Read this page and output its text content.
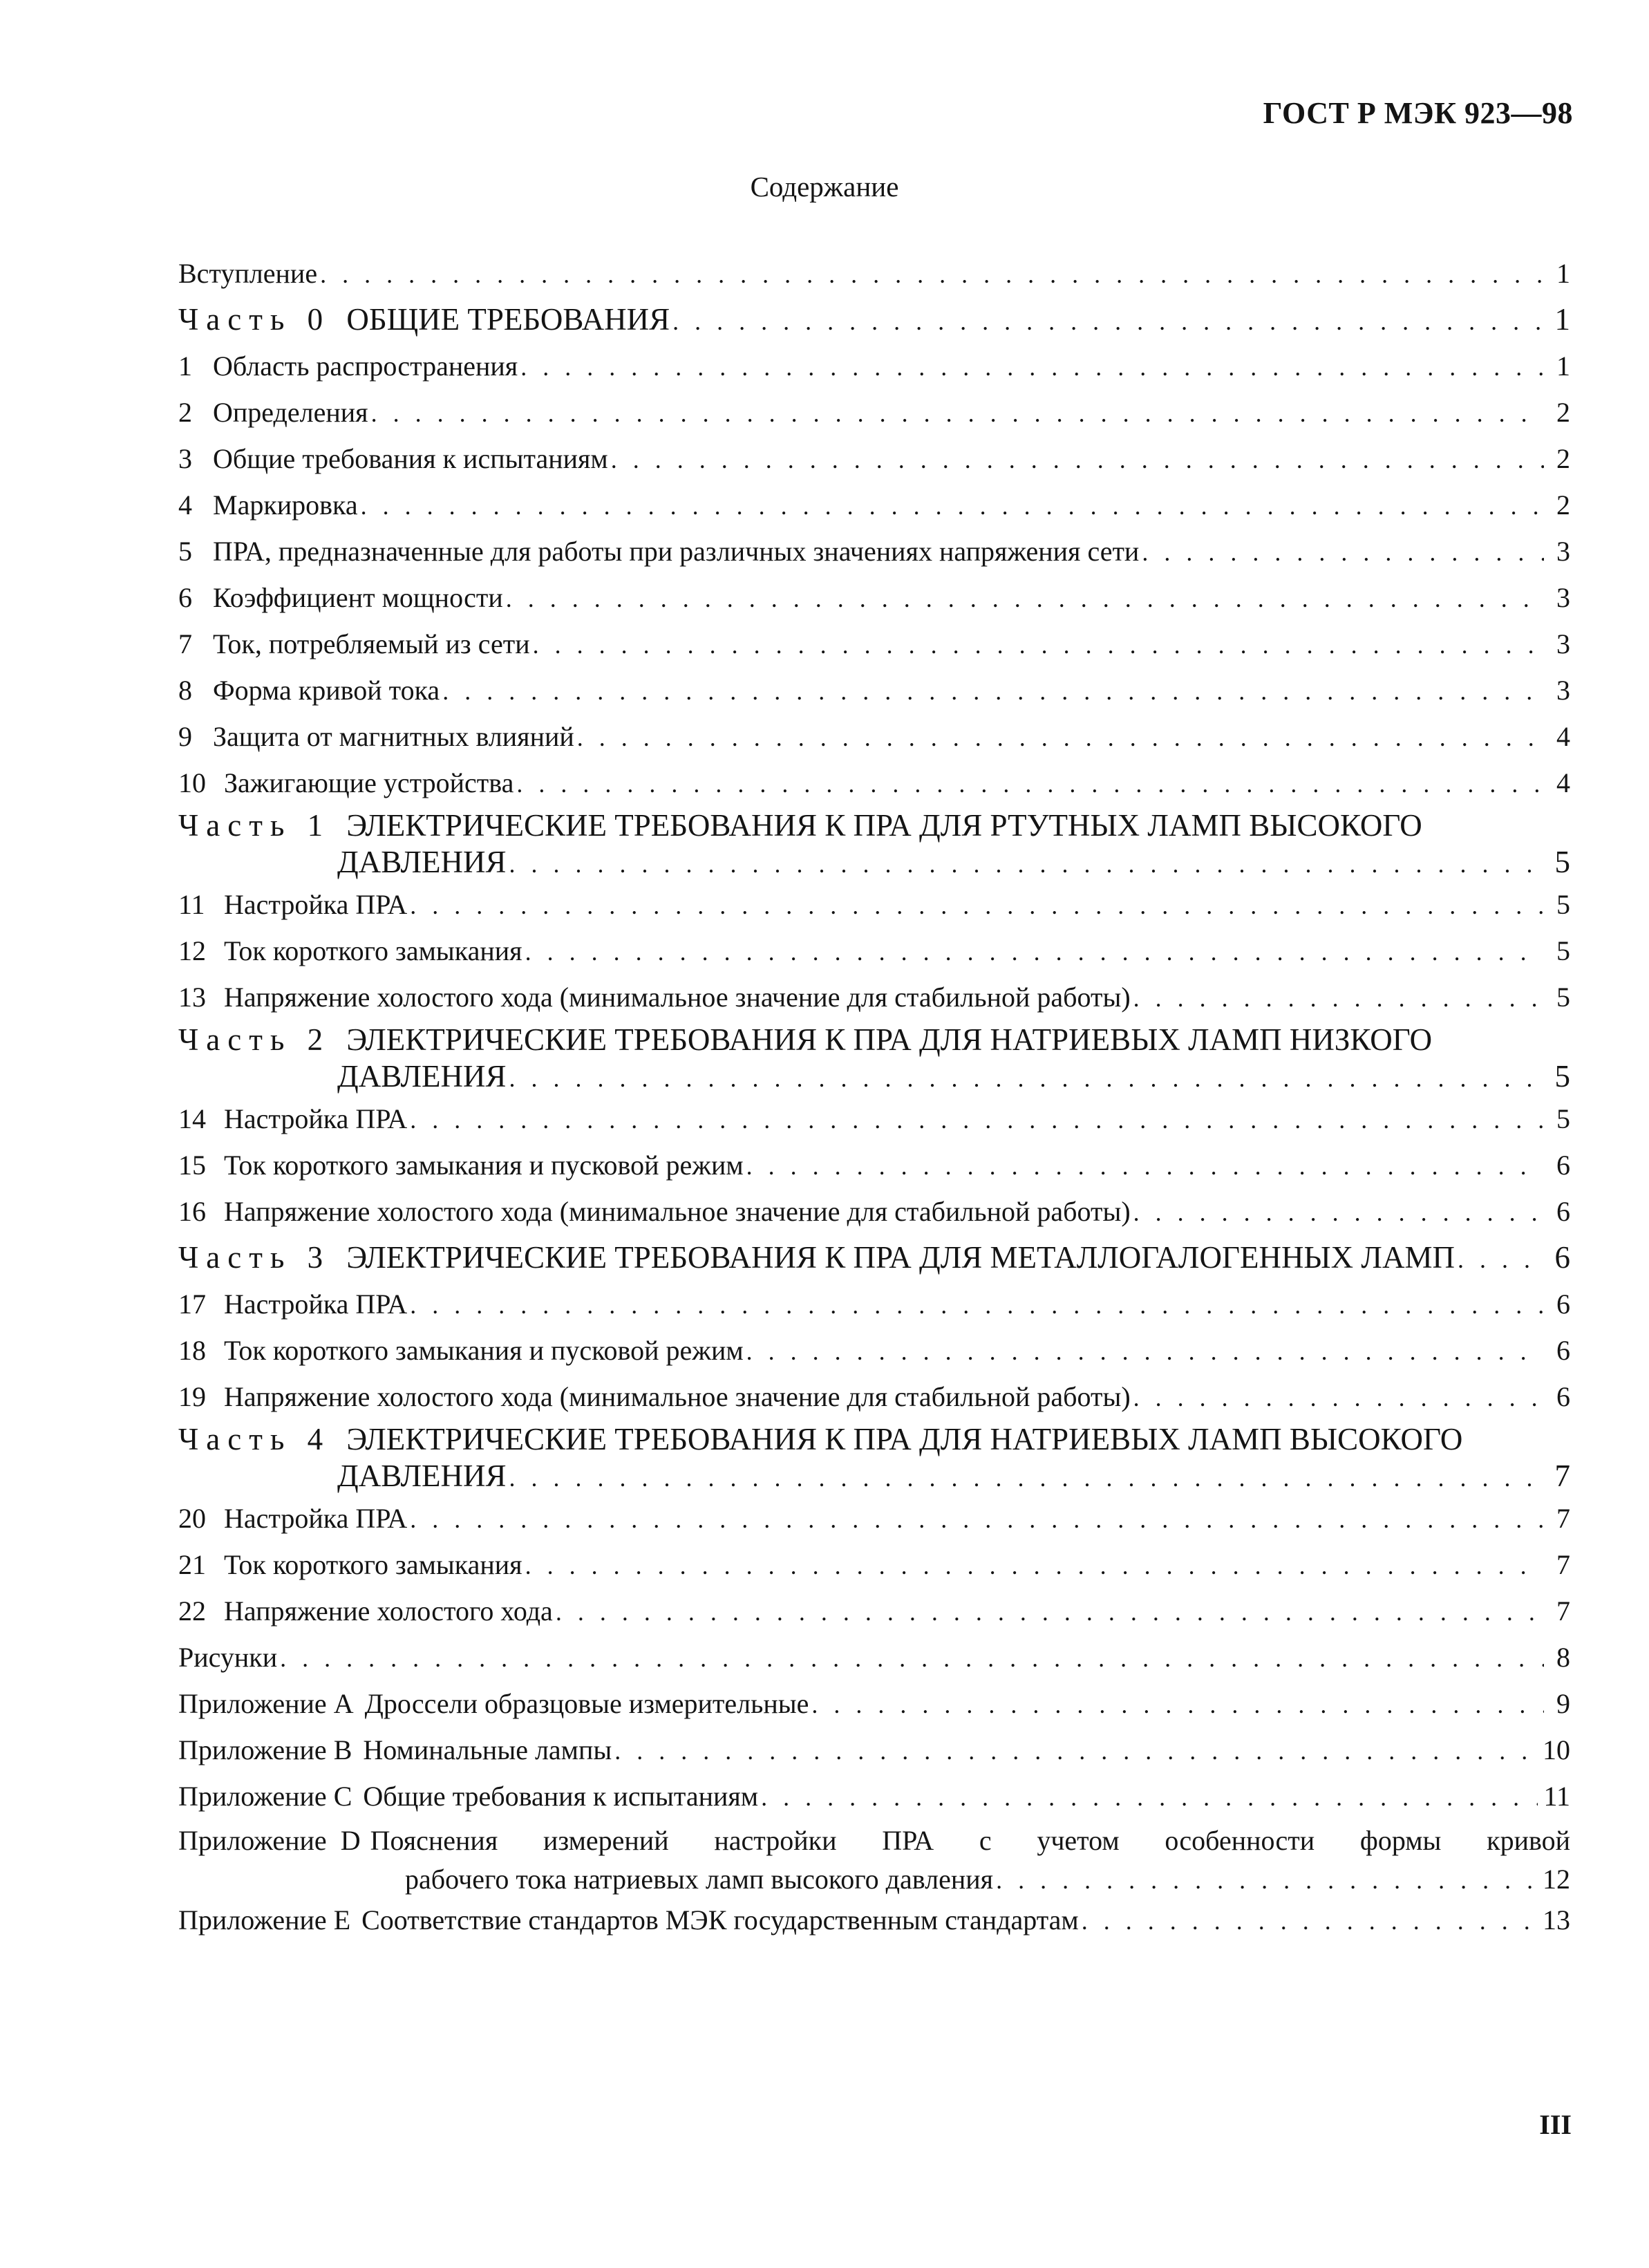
ГОСТ Р МЭК 923—98
Содержание
Вступление . . .	1
Часть 0 ОБЩИЕ ТРЕБОВАНИЯ . . .	1
1 Область распространения . . .	1
2 Определения . . .	2
3 Общие требования к испытаниям . . .	2
4 Маркировка . . .	2
5 ПРА, предназначенные для работы при различных значениях напряжения сети . . .	3
6 Коэффициент мощности . . .	3
7 Ток, потребляемый из сети . . .	3
8 Форма кривой тока . . .	3
9 Защита от магнитных влияний . . .	4
10 Зажигающие устройства . . .	4
Часть 1 ЭЛЕКТРИЧЕСКИЕ ТРЕБОВАНИЯ К ПРА ДЛЯ РТУТНЫХ ЛАМП ВЫСОКОГО
ДАВЛЕНИЯ . . .	5
11 Настройка ПРА . . .	5
12 Ток короткого замыкания . . .	5
13 Напряжение холостого хода (минимальное значение для стабильной работы) . . .	5
Часть 2 ЭЛЕКТРИЧЕСКИЕ ТРЕБОВАНИЯ К ПРА ДЛЯ НАТРИЕВЫХ ЛАМП НИЗКОГО
ДАВЛЕНИЯ . . .	5
14 Настройка ПРА . . .	5
15 Ток короткого замыкания и пусковой режим . . .	6
16 Напряжение холостого хода (минимальное значение для стабильной работы) . . .	6
Часть 3 ЭЛЕКТРИЧЕСКИЕ ТРЕБОВАНИЯ К ПРА ДЛЯ МЕТАЛЛОГАЛОГЕННЫХ ЛАМП . . .	6
17 Настройка ПРА . . .	6
18 Ток короткого замыкания и пусковой режим . . .	6
19 Напряжение холостого хода (минимальное значение для стабильной работы) . . .	6
Часть 4 ЭЛЕКТРИЧЕСКИЕ ТРЕБОВАНИЯ К ПРА ДЛЯ НАТРИЕВЫХ ЛАМП ВЫСОКОГО
ДАВЛЕНИЯ . . .	7
20 Настройка ПРА . . .	7
21 Ток короткого замыкания . . .	7
22 Напряжение холостого хода . . .	7
Рисунки . . .	8
Приложение А Дроссели образцовые измерительные . . .	9
Приложение В Номинальные лампы . . .	10
Приложение С Общие требования к испытаниям . . .	11
Приложение D Пояснения измерений настройки ПРА с учетом особенности формы кривой
рабочего тока натриевых ламп высокого давления . . .	12
Приложение Е Соответствие стандартов МЭК государственным стандартам . . .	13
III
